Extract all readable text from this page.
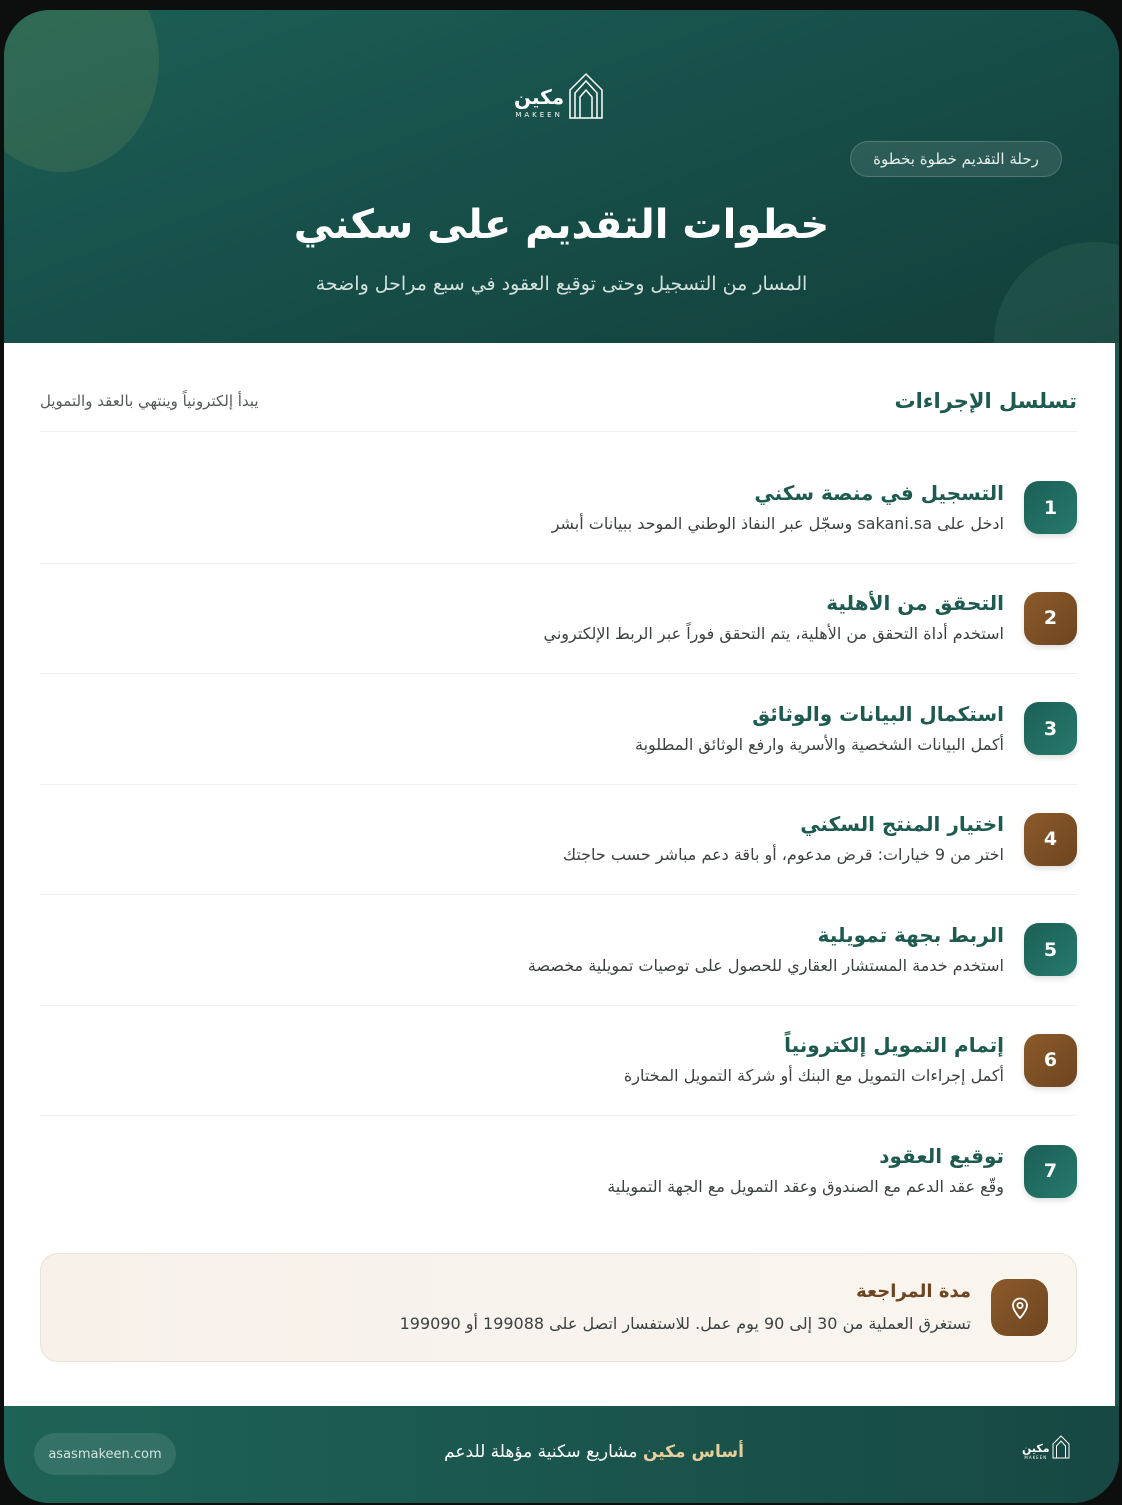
مكين
MAKEEN
رحلة التقديم خطوة بخطوة
خطوات التقديم على سكني
المسار من التسجيل وحتى توقيع العقود في سبع مراحل واضحة
تسلسل الإجراءات
يبدأ إلكترونياً وينتهي بالعقد والتمويل
1
التسجيل في منصة سكني
ادخل على sakani.sa وسجّل عبر النفاذ الوطني الموحد ببيانات أبشر
2
التحقق من الأهلية
استخدم أداة التحقق من الأهلية، يتم التحقق فوراً عبر الربط الإلكتروني
3
استكمال البيانات والوثائق
أكمل البيانات الشخصية والأسرية وارفع الوثائق المطلوبة
4
اختيار المنتج السكني
اختر من 9 خيارات: قرض مدعوم، أو باقة دعم مباشر حسب حاجتك
5
الربط بجهة تمويلية
استخدم خدمة المستشار العقاري للحصول على توصيات تمويلية مخصصة
6
إتمام التمويل إلكترونياً
أكمل إجراءات التمويل مع البنك أو شركة التمويل المختارة
7
توقيع العقود
وقّع عقد الدعم مع الصندوق وعقد التمويل مع الجهة التمويلية
مدة المراجعة
تستغرق العملية من 30 إلى 90 يوم عمل. للاستفسار اتصل على 199088 أو 199090
asasmakeen.com	أساس مكين مشاريع سكنية مؤهلة للدعم	مكين
MAKEEN
